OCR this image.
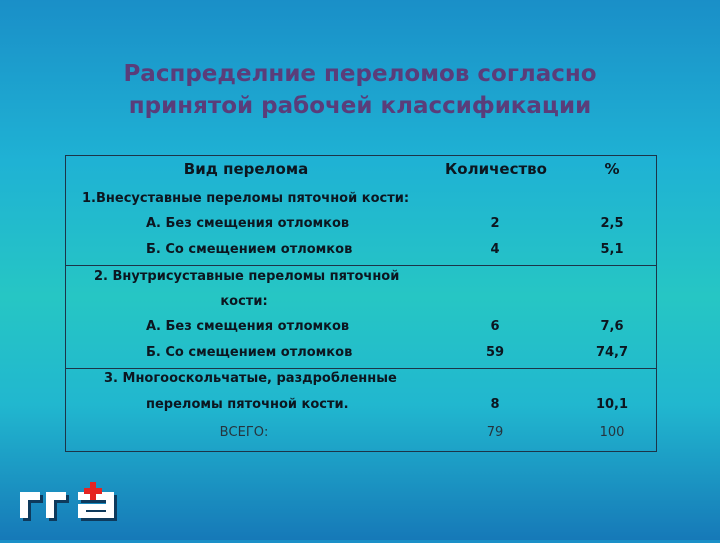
Распределние переломов согласно
принятой рабочей классификации
Вид перелома	Количество	%
1.Внесуставные переломы пяточной кости:
А. Без смещения отломков	2	2,5
Б. Со смещением отломков	4	5,1
2. Внутрисуставные переломы пяточной
кости:
А. Без смещения отломков	6	7,6
Б. Со смещением отломков	59	74,7
3. Многооскольчатые, раздробленные
переломы пяточной кости.	8	10,1
ВСЕГО:	79	100
